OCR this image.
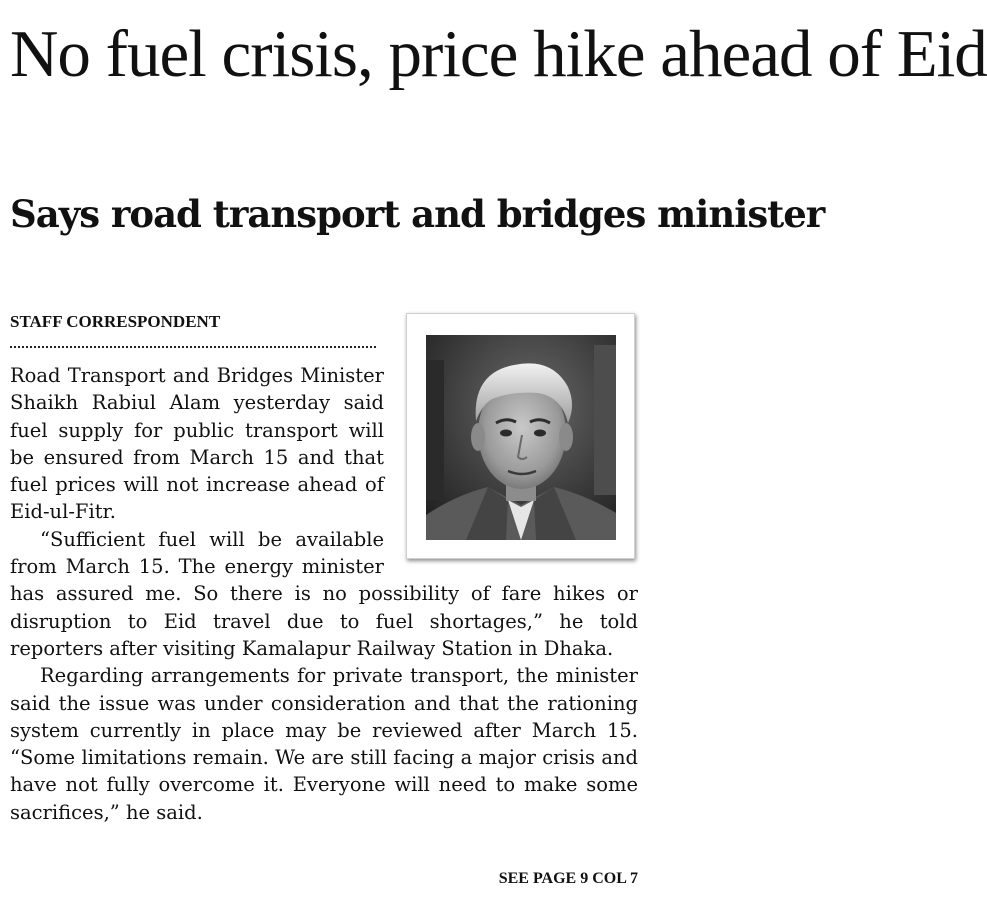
No fuel crisis, price hike ahead of Eid
Says road transport and bridges minister
STAFF CORRESPONDENT

Road Transport and Bridges Minister Shaikh Rabiul Alam yesterday said fuel supply for public transport will be ensured from March 15 and that fuel prices will not increase ahead of Eid-ul-Fitr.

“Sufficient fuel will be available from March 15. The energy minister has assured me. So there is no possibility of fare hikes or disruption to Eid travel due to fuel shortages,” he told reporters after visiting Kamalapur Railway Station in Dhaka.

Regarding arrangements for private transport, the minister said the issue was under consideration and that the rationing system currently in place may be reviewed after March 15. “Some limitations remain. We are still facing a major crisis and have not fully overcome it. Everyone will need to make some sacrifices,” he said.

SEE PAGE 9 COL 7
